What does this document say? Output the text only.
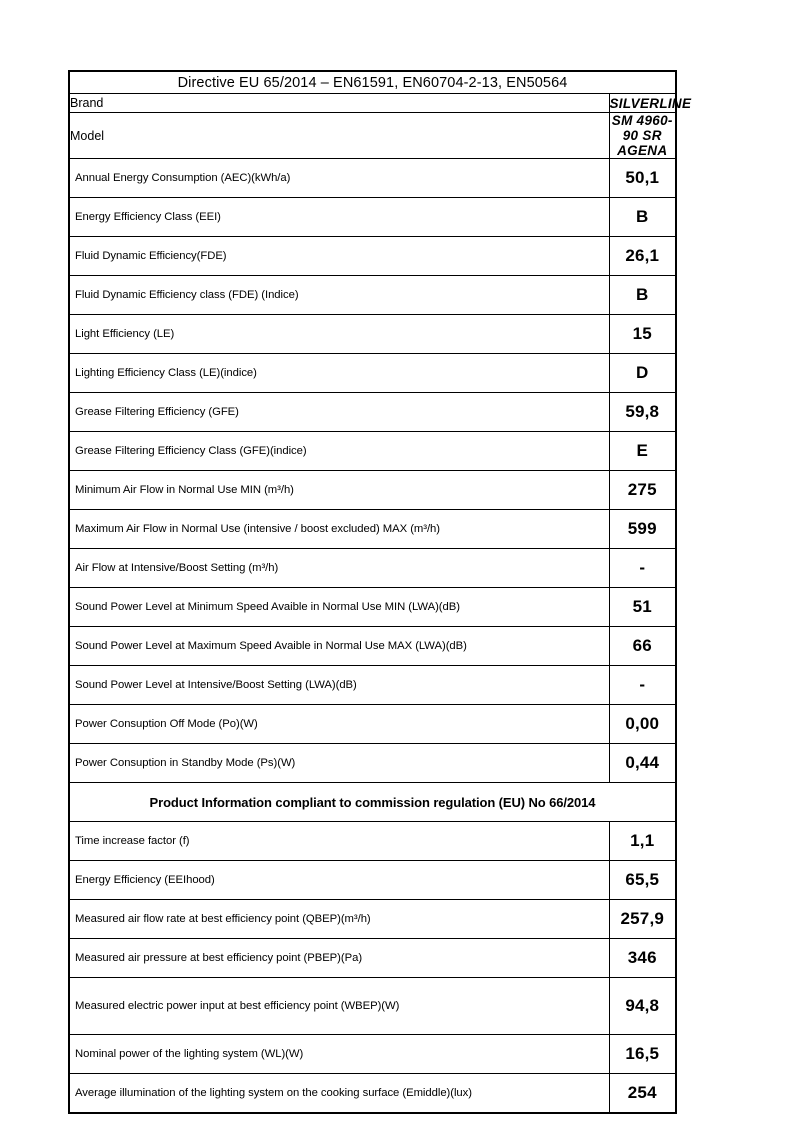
Directive EU 65/2014 – EN61591, EN60704-2-13, EN50564	
Brand	SILVERLINE
Model	SM 4960-90 SR AGENA
Annual Energy Consumption (AEC)(kWh/a)	50,1
Energy Efficiency Class (EEI)	B
Fluid Dynamic Efficiency(FDE)	26,1
Fluid Dynamic Efficiency class (FDE) (Indice)	B
Light Efficiency (LE)	15
Lighting Efficiency Class (LE)(indice)	D
Grease Filtering Efficiency (GFE)	59,8
Grease Filtering Efficiency Class (GFE)(indice)	E
Minimum Air Flow in Normal Use MIN (m³/h)	275
Maximum Air Flow in Normal Use (intensive / boost excluded) MAX (m³/h)	599
Air Flow at Intensive/Boost Setting (m³/h)	-
Sound Power Level at Minimum Speed Avaible in Normal Use MIN (LWA)(dB)	51
Sound Power Level at Maximum Speed Avaible in Normal Use MAX (LWA)(dB)	66
Sound Power Level at Intensive/Boost Setting (LWA)(dB)	-
Power Consuption Off Mode (Po)(W)	0,00
Power Consuption in Standby Mode (Ps)(W)	0,44
Product Information compliant to commission regulation (EU) No 66/2014	
Time increase factor (f)	1,1
Energy Efficiency (EEIhood)	65,5
Measured air flow rate at best efficiency point (QBEP)(m³/h)	257,9
Measured air pressure at best efficiency point (PBEP)(Pa)	346
Measured electric power input at best efficiency point (WBEP)(W)	94,8
Nominal power of the lighting system (WL)(W)	16,5
Average illumination of the lighting system on the cooking surface (Emiddle)(lux)	254
